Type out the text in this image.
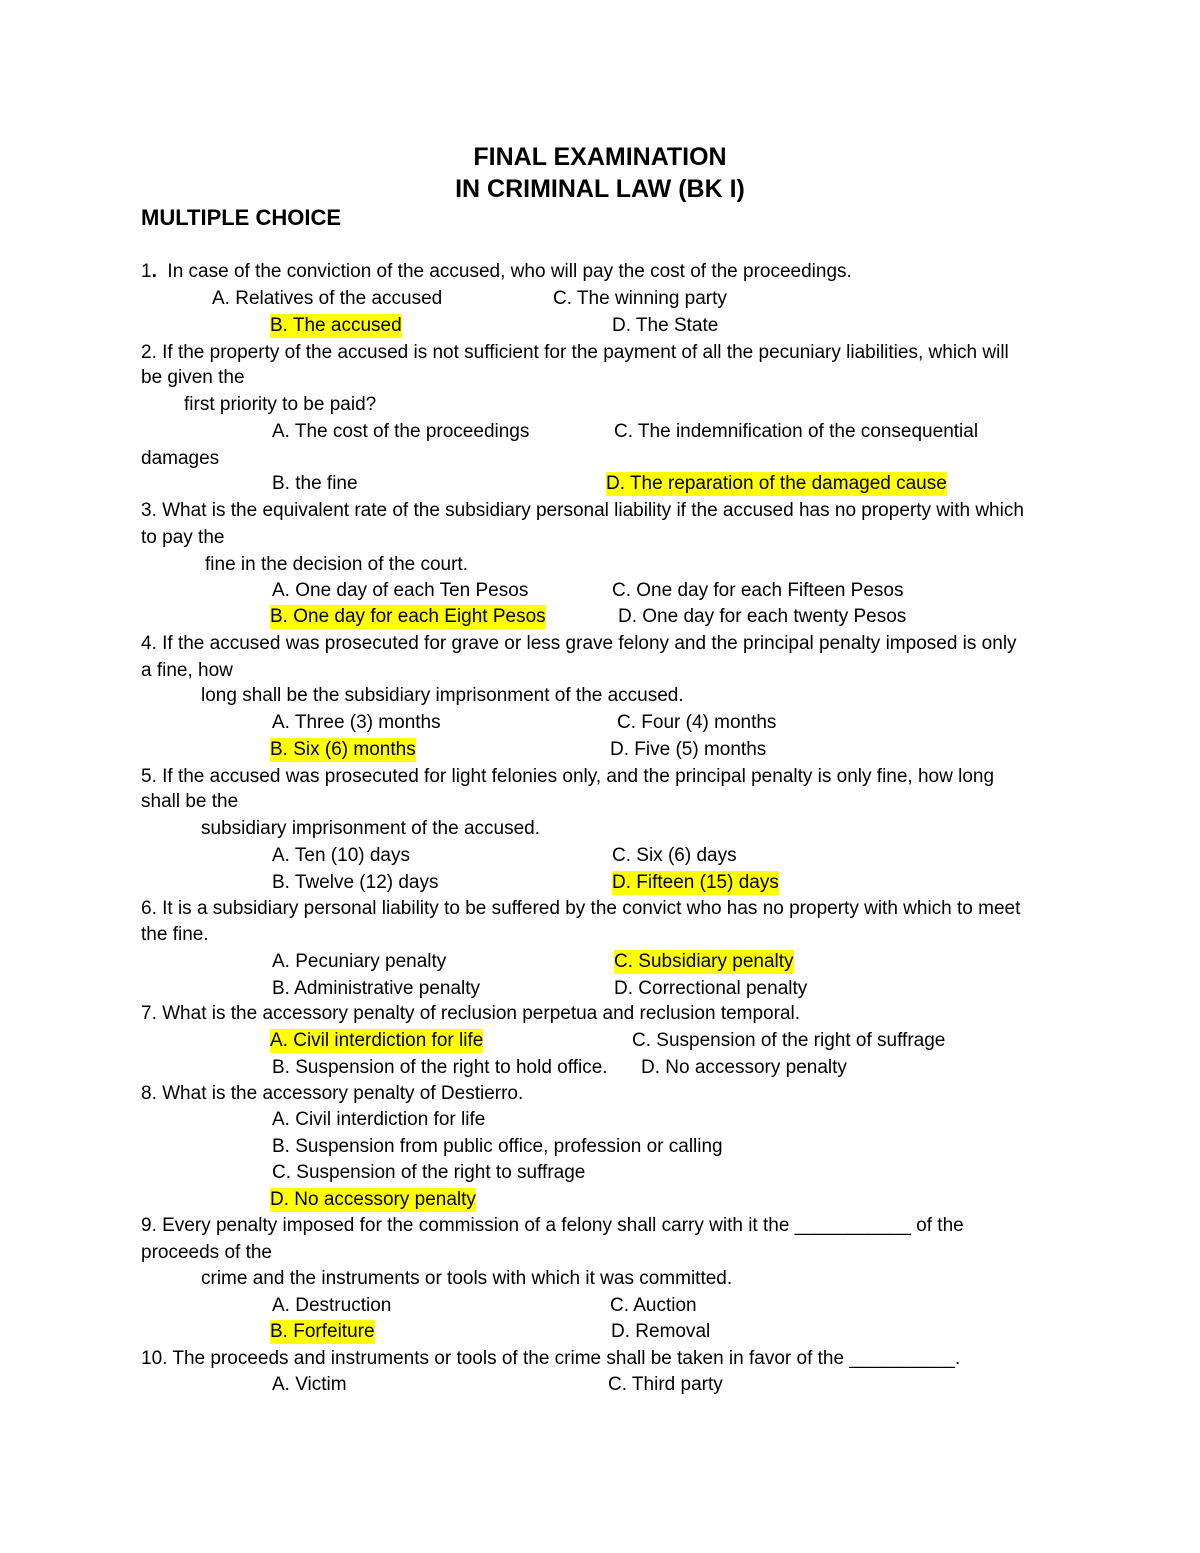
FINAL EXAMINATION
IN CRIMINAL LAW (BK I)
MULTIPLE CHOICE
1. In case of the conviction of the accused, who will pay the cost of the proceedings.
A. Relatives of the accused	C. The winning party
B. The accused	D. The State
2. If the property of the accused is not sufficient for the payment of all the pecuniary liabilities, which will
be given the
first priority to be paid?
A. The cost of the proceedings	C. The indemnification of the consequential
damages
B. the fine	D. The reparation of the damaged cause
3. What is the equivalent rate of the subsidiary personal liability if the accused has no property with which
to pay the
fine in the decision of the court.
A. One day of each Ten Pesos	C. One day for each Fifteen Pesos
B. One day for each Eight Pesos	D. One day for each twenty Pesos
4. If the accused was prosecuted for grave or less grave felony and the principal penalty imposed is only
a fine, how
long shall be the subsidiary imprisonment of the accused.
A. Three (3) months	C. Four (4) months
B. Six (6) months	D. Five (5) months
5. If the accused was prosecuted for light felonies only, and the principal penalty is only fine, how long
shall be the
subsidiary imprisonment of the accused.
A. Ten (10) days	C. Six (6) days
B. Twelve (12) days	D. Fifteen (15) days
6. It is a subsidiary personal liability to be suffered by the convict who has no property with which to meet
the fine.
A. Pecuniary penalty	C. Subsidiary penalty
B. Administrative penalty	D. Correctional penalty
7. What is the accessory penalty of reclusion perpetua and reclusion temporal.
A. Civil interdiction for life	C. Suspension of the right of suffrage
B. Suspension of the right to hold office. D. No accessory penalty
8. What is the accessory penalty of Destierro.
A. Civil interdiction for life
B. Suspension from public office, profession or calling
C. Suspension of the right to suffrage
D. No accessory penalty
9. Every penalty imposed for the commission of a felony shall carry with it the ___________ of the
proceeds of the
crime and the instruments or tools with which it was committed.
A. Destruction	C. Auction
B. Forfeiture	D. Removal
10. The proceeds and instruments or tools of the crime shall be taken in favor of the __________.
A. Victim	C. Third party
